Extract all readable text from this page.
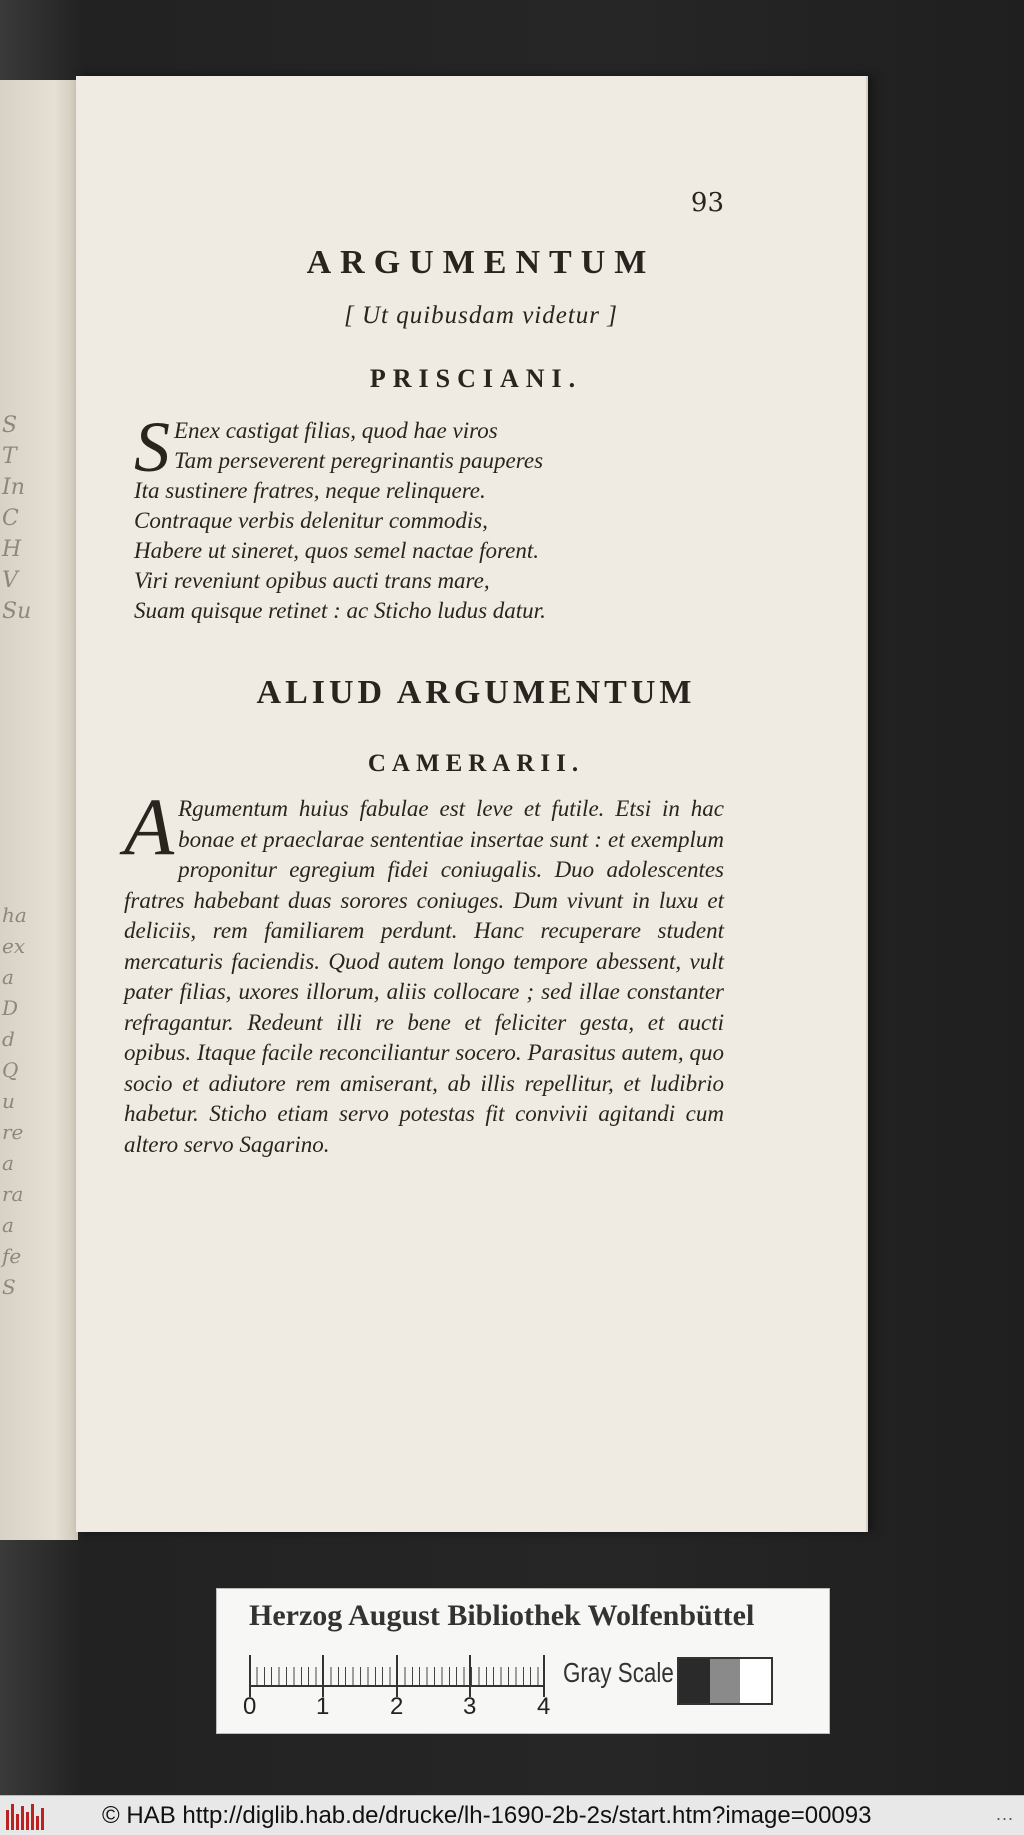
S
T
In
C
H
V
Su
ha
ex
a
D
d
Q
u
re
a
ra
a
fe
S
93
ARGUMENTUM
[ Ut quibusdam videtur ]
PRISCIANI.
S Enex castigat filias, quod hae viros
Tam perseverent peregrinantis pauperes
Ita sustinere fratres, neque relinquere.
Contraque verbis delenitur commodis,
Habere ut sineret, quos semel nactae forent.
Viri reveniunt opibus aucti trans mare,
Suam quisque retinet : ac Sticho ludus datur.
ALIUD ARGUMENTUM
CAMERARII.
A Rgumentum huius fabulae est leve et futile. Etsi in hac bonae et praeclarae sententiae insertae sunt : et exemplum proponitur egregium fidei coniugalis. Duo adolescentes fratres habebant duas sorores coniuges. Dum vivunt in luxu et deliciis, rem familiarem perdunt. Hanc recuperare student mercaturis faciendis. Quod autem longo tempore abessent, vult pater filias, uxores illorum, aliis collocare ; sed illae constanter refragantur. Redeunt illi re bene et feliciter gesta, et aucti opibus. Itaque facile reconciliantur socero. Parasitus autem, quo socio et adiutore rem amiserant, ab illis repellitur, et ludibrio habetur. Sticho etiam servo potestas fit convivii agitandi cum altero servo Sagarino.
Herzog August Bibliothek Wolfenbüttel
0 1	2 3	4
Gray Scale
© HAB http://diglib.hab.de/drucke/lh-1690-2b-2s/start.htm?image=00093	...
